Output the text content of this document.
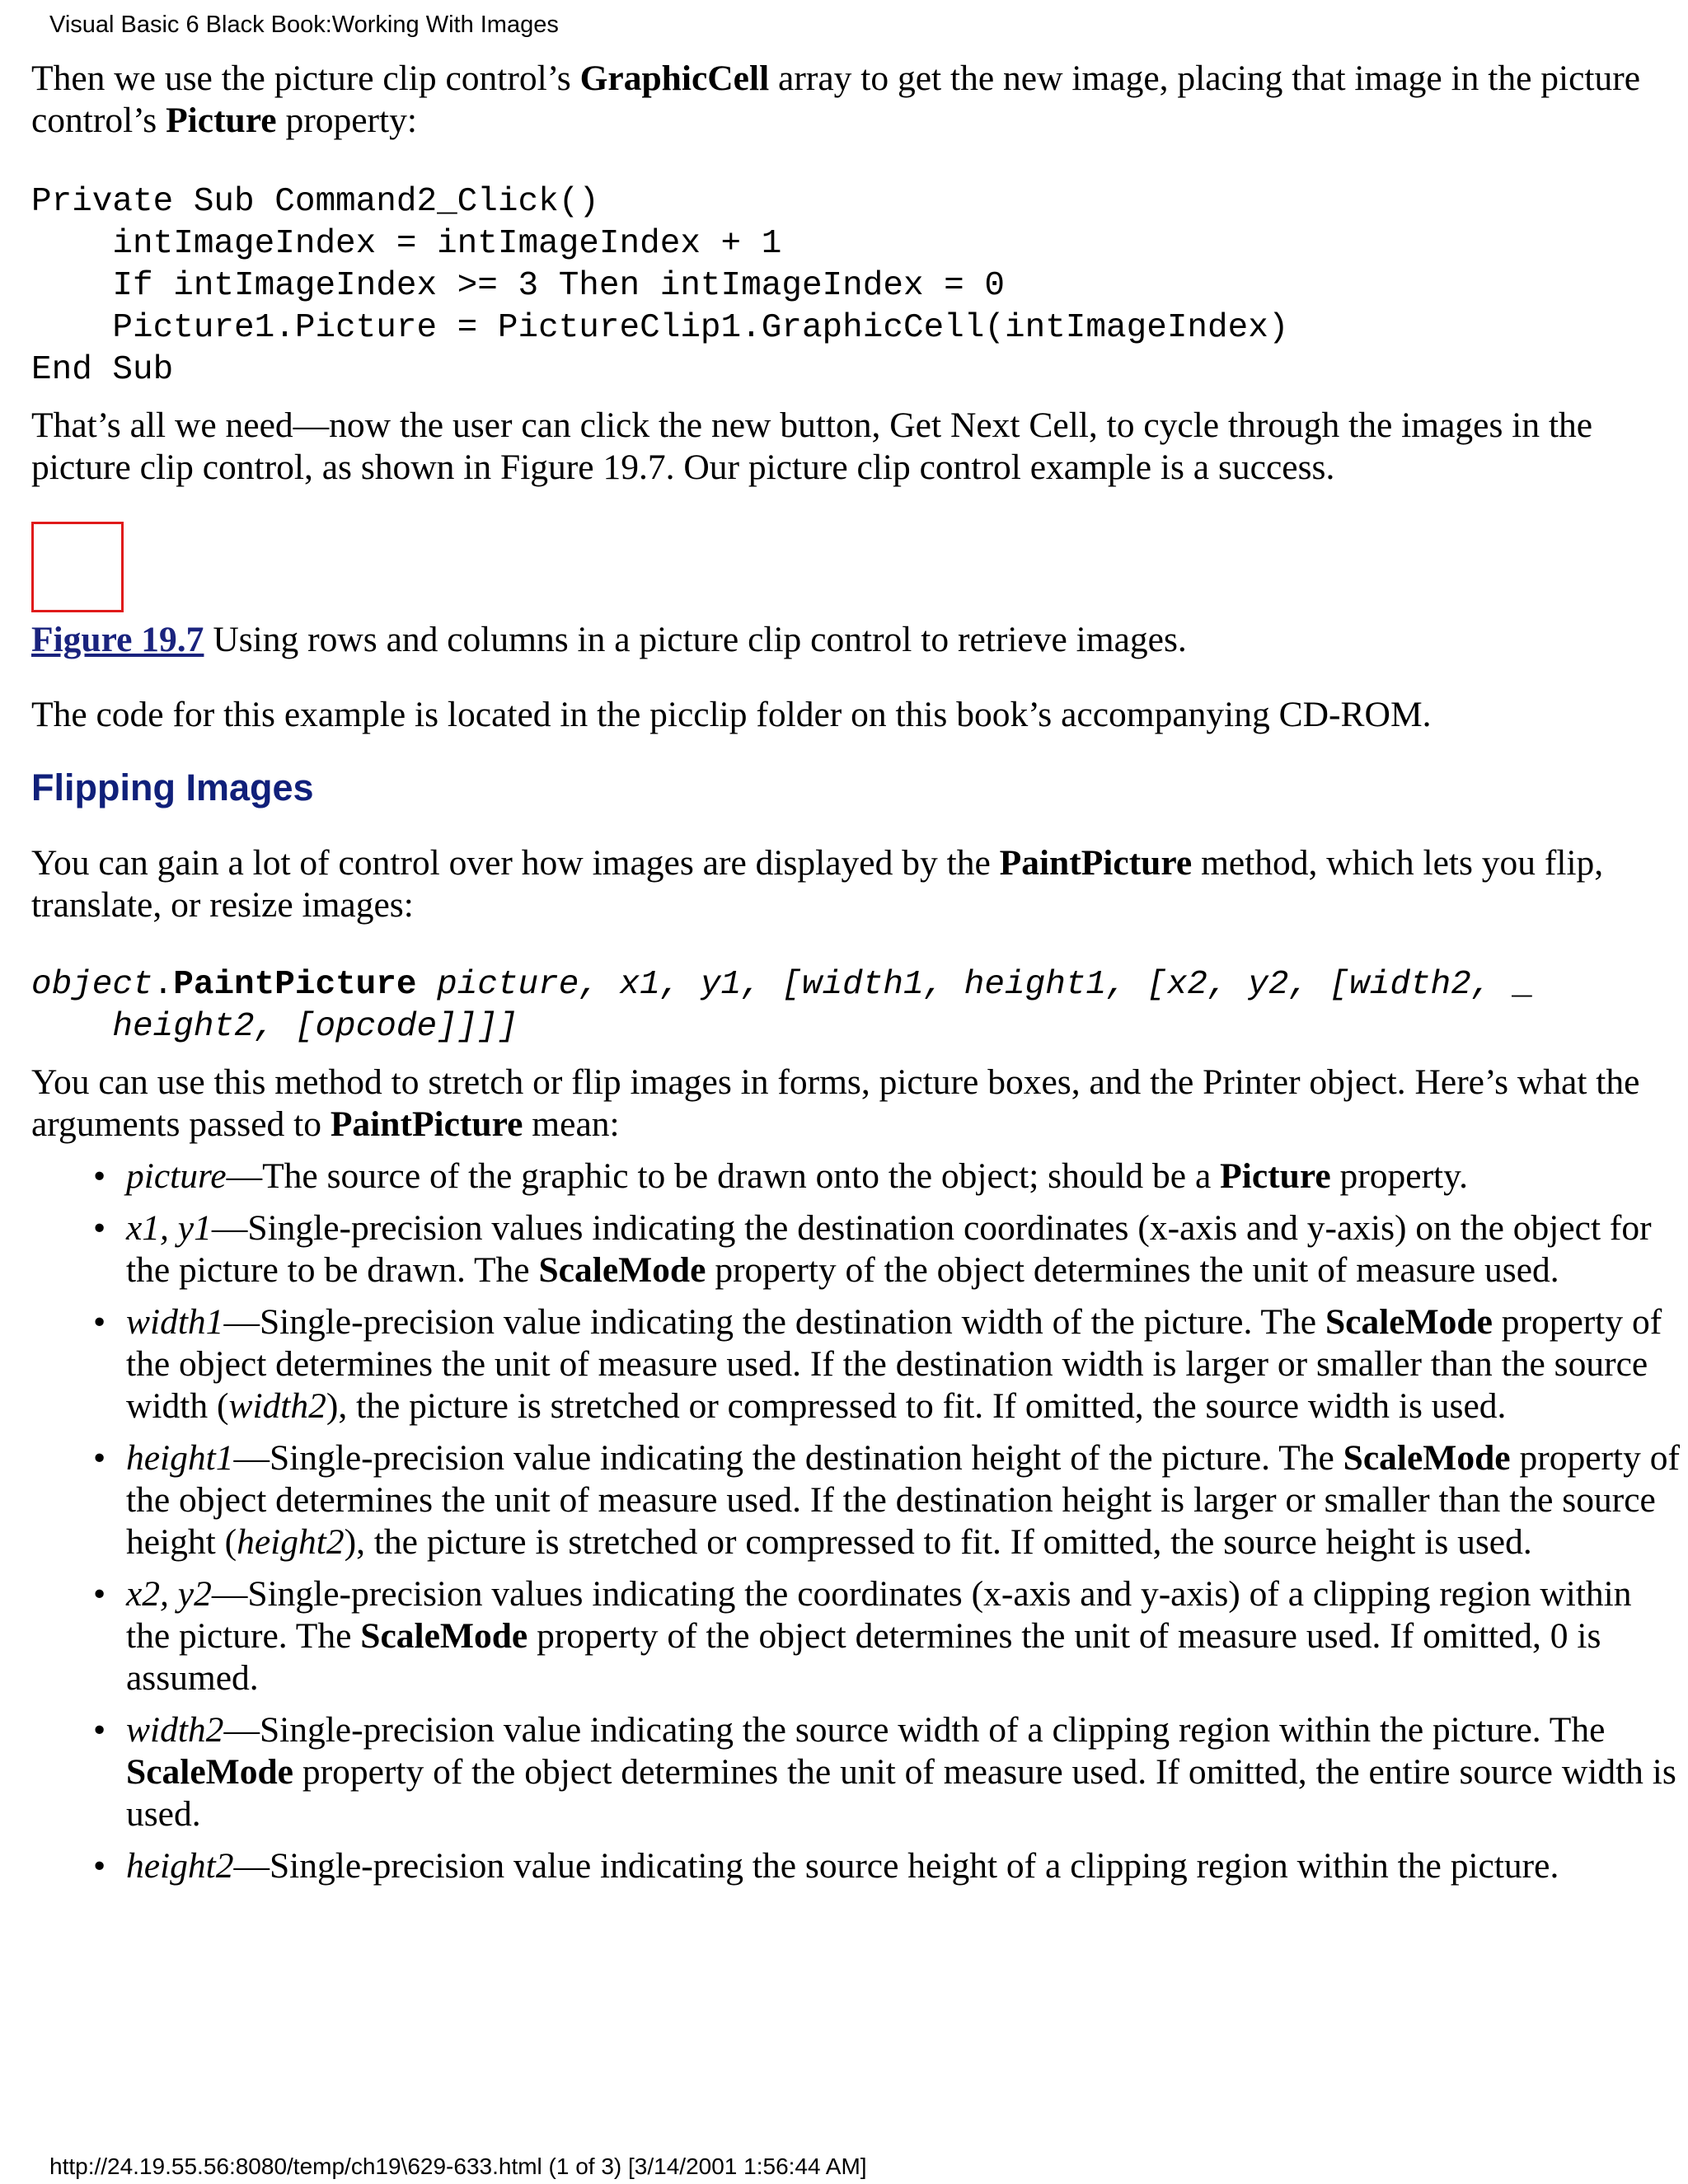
Visual Basic 6 Black Book:Working With Images

Then we use the picture clip control’s GraphicCell array to get the new image, placing that image in the picture control’s Picture property:

Private Sub Command2_Click()
intImageIndex = intImageIndex + 1
If intImageIndex >= 3 Then intImageIndex = 0
Picture1.Picture = PictureClip1.GraphicCell(intImageIndex)
End Sub

That’s all we need—now the user can click the new button, Get Next Cell, to cycle through the images in the picture clip control, as shown in Figure 19.7. Our picture clip control example is a success.

Figure 19.7 Using rows and columns in a picture clip control to retrieve images.

The code for this example is located in the picclip folder on this book’s accompanying CD-ROM.

Flipping Images

You can gain a lot of control over how images are displayed by the PaintPicture method, which lets you flip, translate, or resize images:

object.PaintPicture picture, x1, y1, [width1, height1, [x2, y2, [width2, _
height2, [opcode]]]]

You can use this method to stretch or flip images in forms, picture boxes, and the Printer object. Here’s what the arguments passed to PaintPicture mean:

• picture—The source of the graphic to be drawn onto the object; should be a Picture property.
• x1, y1—Single-precision values indicating the destination coordinates (x-axis and y-axis) on the object for the picture to be drawn. The ScaleMode property of the object determines the unit of measure used.
• width1—Single-precision value indicating the destination width of the picture. The ScaleMode property of the object determines the unit of measure used. If the destination width is larger or smaller than the source width (width2), the picture is stretched or compressed to fit. If omitted, the source width is used.
• height1—Single-precision value indicating the destination height of the picture. The ScaleMode property of the object determines the unit of measure used. If the destination height is larger or smaller than the source height (height2), the picture is stretched or compressed to fit. If omitted, the source height is used.
• x2, y2—Single-precision values indicating the coordinates (x-axis and y-axis) of a clipping region within the picture. The ScaleMode property of the object determines the unit of measure used. If omitted, 0 is assumed.
• width2—Single-precision value indicating the source width of a clipping region within the picture. The ScaleMode property of the object determines the unit of measure used. If omitted, the entire source width is used.
• height2—Single-precision value indicating the source height of a clipping region within the picture.
http://24.19.55.56:8080/temp/ch19\629-633.html (1 of 3) [3/14/2001 1:56:44 AM]
